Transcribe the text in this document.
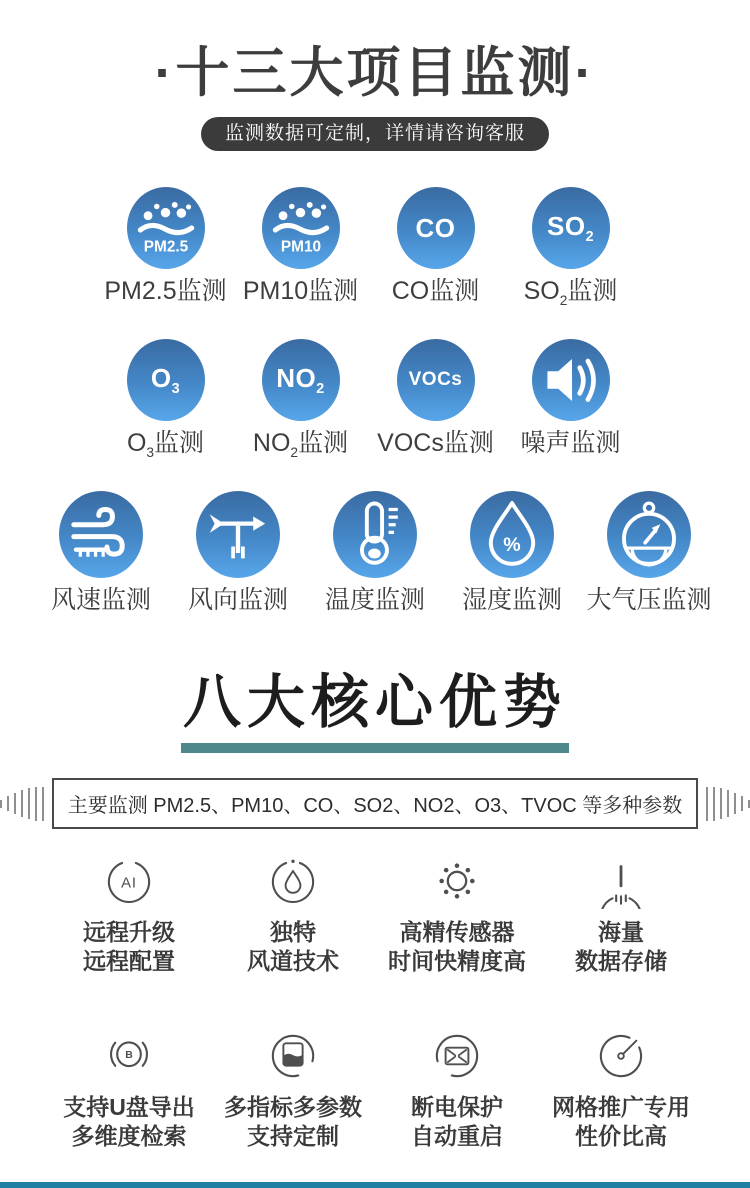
·十三大项目监测·
监测数据可定制，详情请咨询客服
PM2.5
PM2.5监测
PM10
PM10监测
CO
CO监测
$SO_2$
$SO_2$监测
$O_3$
$O_3$监测
$NO_2$
$NO_2$监测
VOCs
VOCs监测 噪声监测
风速监测 风向监测 温度监测
%
湿度监测 大气压监测
八大核心优势
主要监测 PM2.5、PM10、CO、SO2、NO2、O3、TVOC 等多种参数
AI
远程升级
远程配置
独特
风道技术
高精传感器
时间快精度高
海量
数据存储
B
支持U盘导出
多维度检索
多指标多参数
支持定制
断电保护
自动重启
网格推广专用
性价比高
